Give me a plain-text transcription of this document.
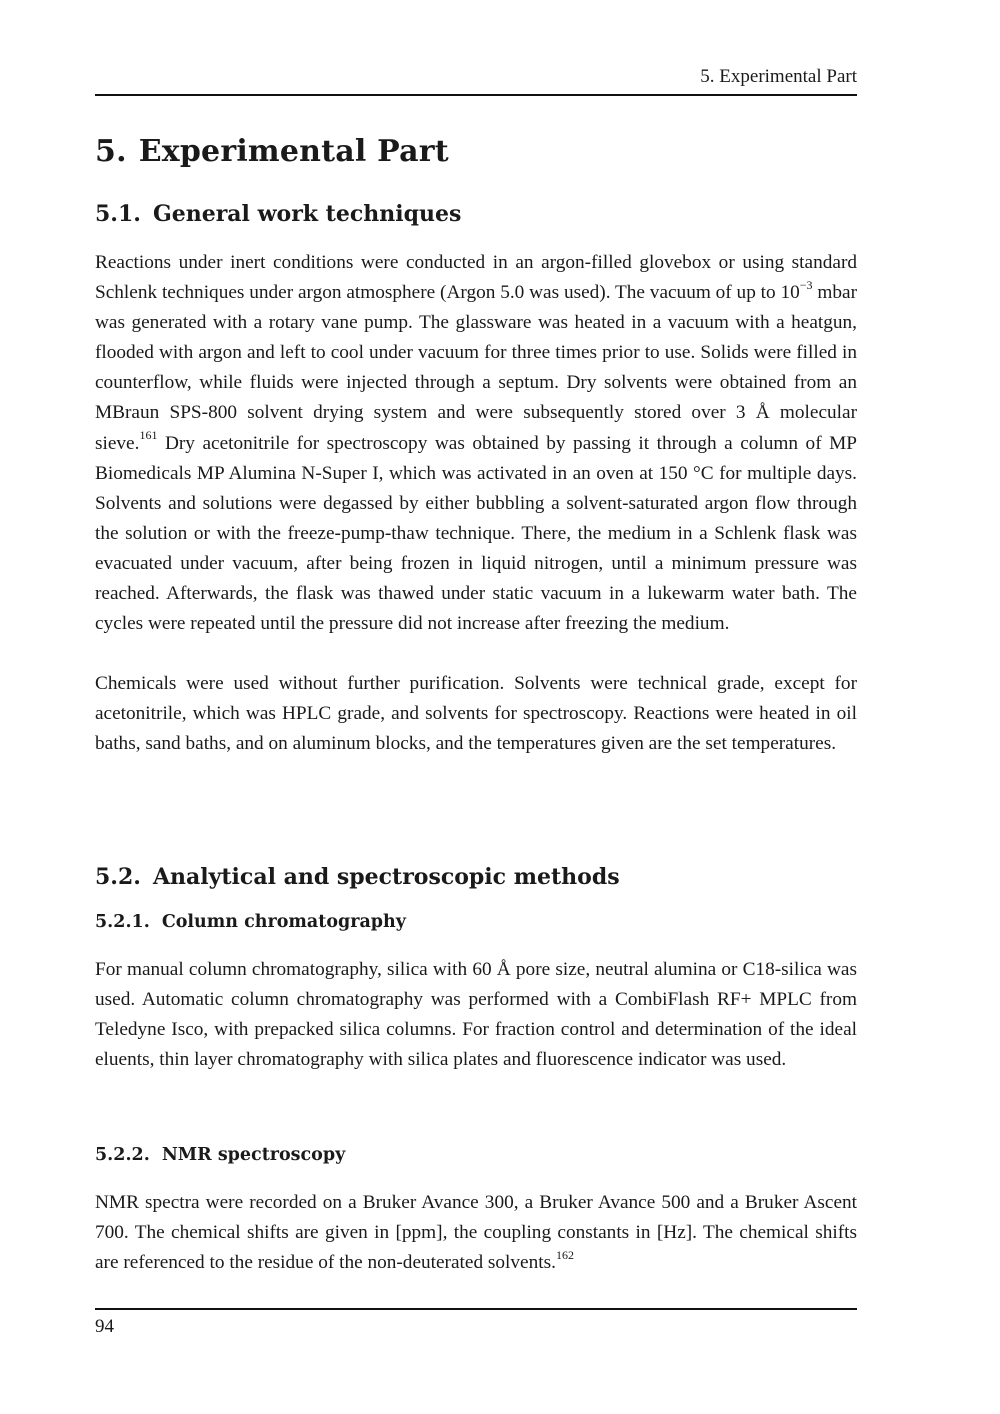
5. Experimental Part
5. Experimental Part
5.1. General work techniques

Reactions under inert conditions were conducted in an argon-filled glovebox or using standard Schlenk techniques under argon atmosphere (Argon 5.0 was used). The vacuum of up to $10^{-3}$ mbar was generated with a rotary vane pump. The glassware was heated in a vacuum with a heatgun, flooded with argon and left to cool under vacuum for three times prior to use. Solids were filled in counterflow, while fluids were injected through a septum. Dry solvents were obtained from an MBraun SPS-800 solvent drying system and were subsequently stored over 3 Å molecular sieve.$^{161}$ Dry acetonitrile for spectroscopy was obtained by passing it through a column of MP Biomedicals MP Alumina N-Super I, which was activated in an oven at 150 °C for multiple days. Solvents and solutions were degassed by either bubbling a solvent-saturated argon flow through the solution or with the freeze-pump-thaw technique. There, the medium in a Schlenk flask was evacuated under vacuum, after being frozen in liquid nitrogen, until a minimum pressure was reached. Afterwards, the flask was thawed under static vacuum in a lukewarm water bath. The cycles were repeated until the pressure did not increase after freezing the medium.

Chemicals were used without further purification. Solvents were technical grade, except for acetonitrile, which was HPLC grade, and solvents for spectroscopy. Reactions were heated in oil baths, sand baths, and on aluminum blocks, and the temperatures given are the set temperatures.

5.2. Analytical and spectroscopic methods
5.2.1. Column chromatography

For manual column chromatography, silica with 60 Å pore size, neutral alumina or C18-silica was used. Automatic column chromatography was performed with a CombiFlash RF+ MPLC from Teledyne Isco, with prepacked silica columns. For fraction control and determination of the ideal eluents, thin layer chromatography with silica plates and fluorescence indicator was used.

5.2.2. NMR spectroscopy

NMR spectra were recorded on a Bruker Avance 300, a Bruker Avance 500 and a Bruker Ascent 700. The chemical shifts are given in [ppm], the coupling constants in [Hz]. The chemical shifts are referenced to the residue of the non-deuterated solvents.$^{162}$

94
